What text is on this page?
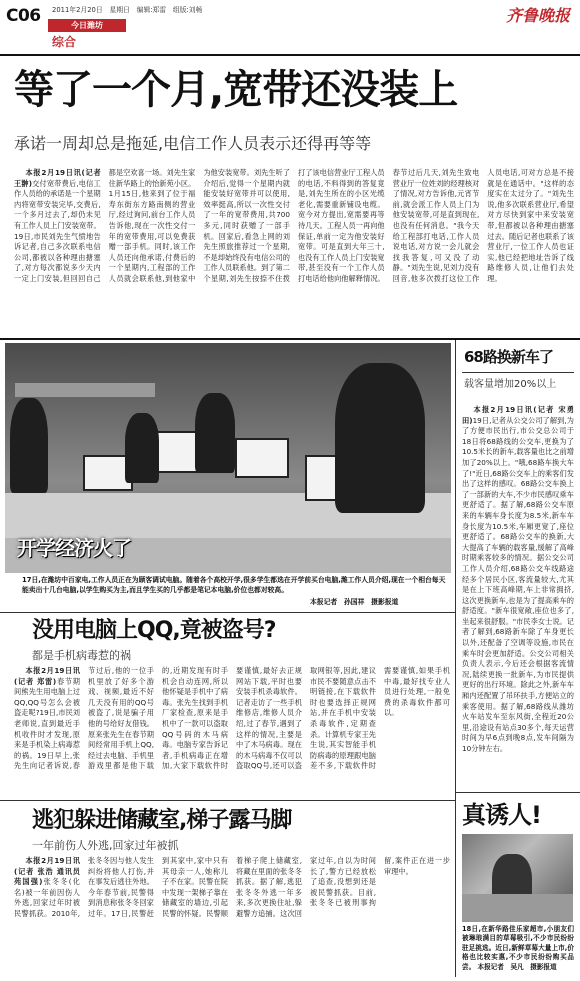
C06 2011年2月20日　星期日　编辑:郑雷　组版:刘畅
今日潍坊
综合
齐鲁晚报
等了一个月,宽带还没装上
承诺一周却总是拖延,电信工作人员表示还得再等等

本报2月19日讯(记者 王翀)交付宽带费后,电信工作人员给的承诺是一个星期内将宽带安装完毕,交费后,一个多月过去了,却仍未见有工作人员上门安装宽带。19日,市民刘先生气愤地告诉记者,自己多次联系电信公司,都被以各种理由搪塞了,对方每次都说多少天内一定上门安装,但回回自己都是空欢喜一场。刘先生家住新华路上的怡新苑小区。1月15日,他来到了位于福寿东街东方路南侧的营业厅,经过询问,前台工作人员告诉他,现在一次性交付一年的宽带费用,可以免费获赠一部手机。同时,该工作人员还向他承诺,付费后的一个星期内,工程部的工作人员就会联系他,到他家中为他安装宽带。刘先生听了介绍后,觉得一个星期内就能安装好宽带并可以使用,效率挺高,所以一次性交付了一年的宽带费用,共700多元,同时获赠了一部手机。回家后,看急上网的刘先生照旅推荐过一个星期,不是却始终没有电信公司的工作人员联系他。到了第二个星期,刘先生按捺不住拨打了该电信营业厅工程人员的电话,不料得到的答复竟是,刘先生所在的小区光缆老化,需要重新铺设电缆。宽今对方提出,宽需要再等待几天。工程人员一再向他保证,单前一定为他安装好宽带。可是直到大年三十,也没有工作人员上门安装宽带,甚至没有一个工作人员打电话给他向他解释情况。春节过后几天,刘先生致电营业厅一位姓刘的经理核对了情况,对方告诉他,元宵节前,就会派工作人员上门为他安装宽带,可是直到现在,也没有任何消息。"我今天给工程部打电话,工作人员说电话,对方说一会儿就会找我答复,可又没了动静。"刘先生说,见刘力没有回音,他多次拨打这位工作人员电话,可对方总是不接就是在通话中。"这样的态度实在太过分了。"刘先生说,他多次联系营业厅,希望对方尽快到家中来安装宽带,但都被以各种理由搪塞过去。随后记者也联系了该营业厅,一位工作人员也证实,他已经把地址告诉了线路维修人员,让他们去处理。

开学经济火了
17日,在潍坊中百家电,工作人员正在为顾客调试电脑。随着各个高校开学,很多学生都选在开学前买台电脑,潍工作人员介绍,现在一个相台每天能卖出十几台电脑,以学生购买为主,而且学生买的几乎都是笔记本电脑,价位也都对较高。
本报记者　孙国祥　摄影报道
没用电脑上QQ,竟被盗号?
都是手机病毒惹的祸

本报2月19日讯(记者 郑雷)春节期间熊先生用电脑上过QQ,QQ号怎么会被盗走呢?19日,市民刘老师说,直到最近手机收件时才发现,原来是手机染上病毒惹的祸。19日早上,张先生向记者诉说,春节过后,他的一位手机里放了好多个游戏、视频,最近不好几天没有用的QQ号被盗了,说是骗子用他的号给好友借钱。原来张先生在春节期间经常用手机上QQ,经过去电脑、手机里游戏里都是他下载的,近期发现有时手机会自动连网,所以他怀疑是手机中了病毒。张先生找到手机厂家检查,原来是手机中了一款可以盗取QQ号码的木马病毒。电脑专家告诉记者,手机病毒正在增加,大家下载软件时要谨慎,最好去正规网站下载,平时也要安装手机杀毒软件。记者走访了一些手机维修店,维修人员介绍,过了春节,遇到了这样的情况,主要是中了木马病毒。现在的木马病毒不仅可以盗取QQ号,还可以盗取网银等,因此,建议市民不要随意点击不明链接,在下载软件时也要选择正规网站,并在手机中安装杀毒软件,定期查杀。计算机专家王先生说,其实智能手机防病毒的原理跟电脑差不多,下载软件时需要谨慎,如果手机中毒,最好找专业人员进行处理,一般免费的杀毒软件都可以。

逃犯躲进储藏室,梯子露马脚
一年前伤人外逃,回家过年被抓

本报2月19日讯(记者 张浩 通讯员 苑国强)张冬冬(化名)被一年前因伤人外逃,回家过年时被民警抓获。2010年,张冬冬因与他人发生纠纷将他人打伤,并在事发后逃往外地。今年春节前,民警得到消息称张冬冬回家过年。17日,民警赶到其家中,家中只有其母亲一人,她称儿子不在家。民警在院中发现一架梯子靠在储藏室的墙边,引起民警的怀疑。民警顺着梯子爬上储藏室,将藏在里面的张冬冬抓获。据了解,逃犯张冬冬外逃一年多来,多次更换住址,躲避警方追捕。这次回家过年,自以为时间长了,警方已经放松了追查,没想到还是被民警抓获。目前,张冬冬已被刑事拘留,案件正在进一步审理中。

68路换新车了
载客量增加20%以上

本报2月19日讯(记者 宋勇田)19日,记者从公交公司了解到,为了方便市民出行,市公交总公司于18日将68路线的公交车,更换为了10.5米长的新车,载客量也比之前增加了20%以上。"哦,68路车换大车了!"近日,68路公交车上的乘客们发出了这样的感叹。68路公交车换上了一部新的大车,不少市民感叹乘车更舒适了。据了解,68路公交车原来的车辆车身长度为8.5米,新车车身长度为10.5米,车厢更宽了,座位更舒适了。68路公交车的换新,大大提高了车辆的载客量,缓解了高峰时期乘客较多的情况。据公交公司工作人员介绍,68路公交车线路途经多个居民小区,客流量较大,尤其是在上下班高峰期,车上非常拥挤,这次更换新车,也是为了提高乘车的舒适度。"新车很宽敞,座位也多了,坐起来很舒服。"市民李女士说。记者了解到,68路新车除了车身更长以外,还配备了空调等设施,市民在乘车时会更加舒适。公交公司相关负责人表示,今后还会根据客流情况,陆续更换一批新车,为市民提供更好的出行环境。除此之外,新车车厢内还配置了吊环扶手,方便站立的乘客使用。据了解,68路线从潍坊火车站发车至东风街,全程近20公里,沿途设有站点30多个,每天运营时间为早6点到晚8点,发车间隔为10分钟左右。

真诱人!
18日,在新华路佳乐家超市,小朋友们被琳琅满目的草莓吸引,不少市民纷纷驻足挑选。近日,新鲜草莓大量上市,价格也比较实惠,不少市民纷纷购买品尝。 本报记者　吴凡　摄影报道
